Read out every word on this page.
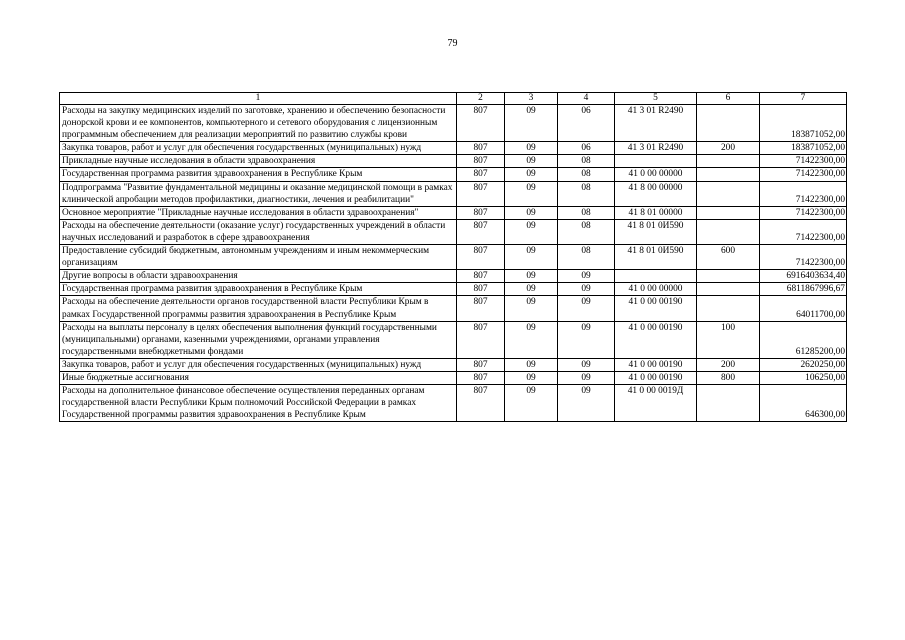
79
1	2	3	4	5	6	7
Расходы на закупку медицинских изделий по заготовке, хранению и обеспечению безопасности донорской крови и ее компонентов, компьютерного и сетевого оборудования с лицензионным программным обеспечением для реализации мероприятий по развитию службы крови	807	09	06	41 3 01 R2490		183871052,00
Закупка товаров, работ и услуг для обеспечения государственных (муниципальных) нужд	807	09	06	41 3 01 R2490	200	183871052,00
Прикладные научные исследования в области здравоохранения	807	09	08			71422300,00
Государственная программа развития здравоохранения в Республике Крым	807	09	08	41 0 00 00000		71422300,00
Подпрограмма "Развитие фундаментальной медицины и оказание медицинской помощи в рамках клинической апробации методов профилактики, диагностики, лечения и реабилитации"	807	09	08	41 8 00 00000		71422300,00
Основное мероприятие "Прикладные научные исследования в области здравоохранения"	807	09	08	41 8 01 00000		71422300,00
Расходы на обеспечение деятельности (оказание услуг) государственных учреждений в области научных исследований и разработок в сфере здравоохранения	807	09	08	41 8 01 0И590		71422300,00
Предоставление субсидий бюджетным, автономным учреждениям и иным некоммерческим организациям	807	09	08	41 8 01 0И590	600	71422300,00
Другие вопросы в области здравоохранения	807	09	09			6916403634,40
Государственная программа развития здравоохранения в Республике Крым	807	09	09	41 0 00 00000		6811867996,67
Расходы на обеспечение деятельности органов государственной власти Республики Крым в рамках Государственной программы развития здравоохранения в Республике Крым	807	09	09	41 0 00 00190		64011700,00
Расходы на выплаты персоналу в целях обеспечения выполнения функций государственными (муниципальными) органами, казенными учреждениями, органами управления государственными внебюджетными фондами	807	09	09	41 0 00 00190	100	61285200,00
Закупка товаров, работ и услуг для обеспечения государственных (муниципальных) нужд	807	09	09	41 0 00 00190	200	2620250,00
Иные бюджетные ассигнования	807	09	09	41 0 00 00190	800	106250,00
Расходы на дополнительное финансовое обеспечение осуществления переданных органам государственной власти Республики Крым полномочий Российской Федерации в рамках Государственной программы развития здравоохранения в Республике Крым	807	09	09	41 0 00 0019Д		646300,00
